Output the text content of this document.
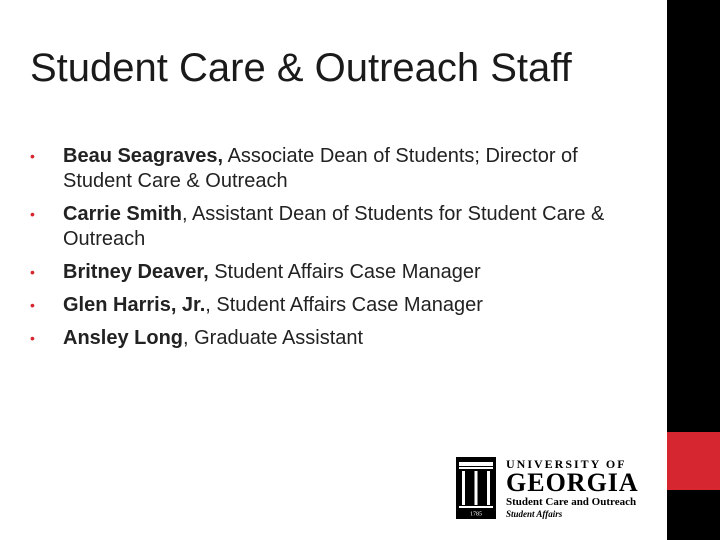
Student Care & Outreach Staff
• Beau Seagraves, Associate Dean of Students; Director of Student Care & Outreach
• Carrie Smith, Assistant Dean of Students for Student Care & Outreach
• Britney Deaver, Student Affairs Case Manager
• Glen Harris, Jr., Student Affairs Case Manager
• Ansley Long, Graduate Assistant
1785
UNIVERSITY OF
GEORGIA
Student Care and Outreach
Student Affairs
